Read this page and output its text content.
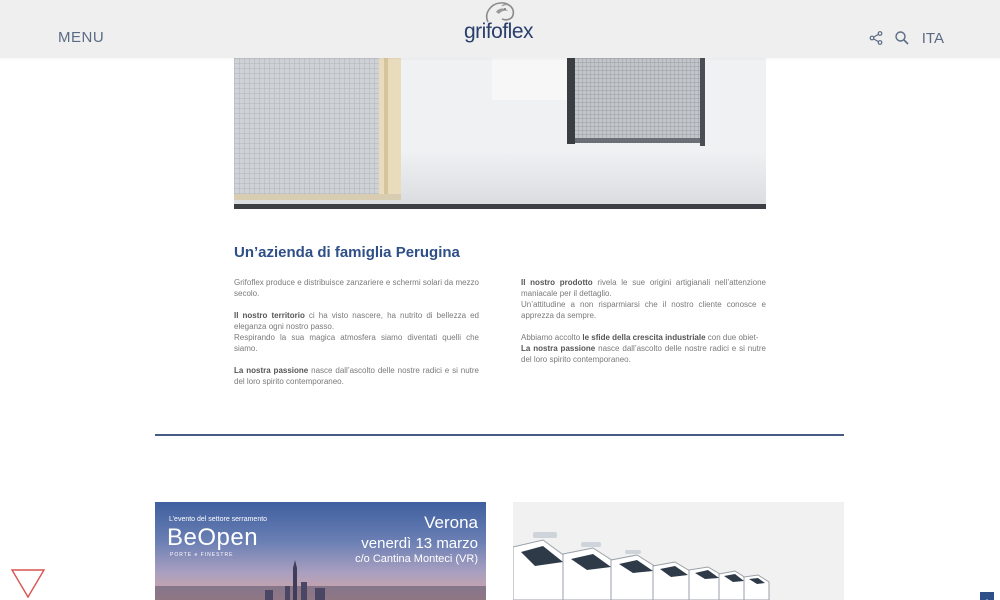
MENU	grifoflex	ITA
Un’azienda di famiglia Perugina

Grifoflex produce e distribuisce zanzariere e schermi solari da mezzo secolo.

Il nostro territorio ci ha visto nascere, ha nutrito di bellezza ed eleganza ogni nostro passo.
Respirando la sua magica atmosfera siamo diventati quelli che siamo.

La nostra passione nasce dall’ascolto delle nostre radici e si nutre del loro spirito contemporaneo.

Il nostro prodotto rivela le sue origini artigianali nell’attenzione maniacale per il dettaglio.
Un’attitudine a non risparmiarsi che il nostro cliente conosce e apprezza da sempre.

Abbiamo accolto le sfide della crescita industriale con due obiet-
La nostra passione nasce dall’ascolto delle nostre radici e si nutre del loro spirito contemporaneo.

L’evento del settore serramento
BeOpen
PORTE e FINESTRE
Verona
venerdì 13 marzo
c/o Cantina Monteci (VR)
